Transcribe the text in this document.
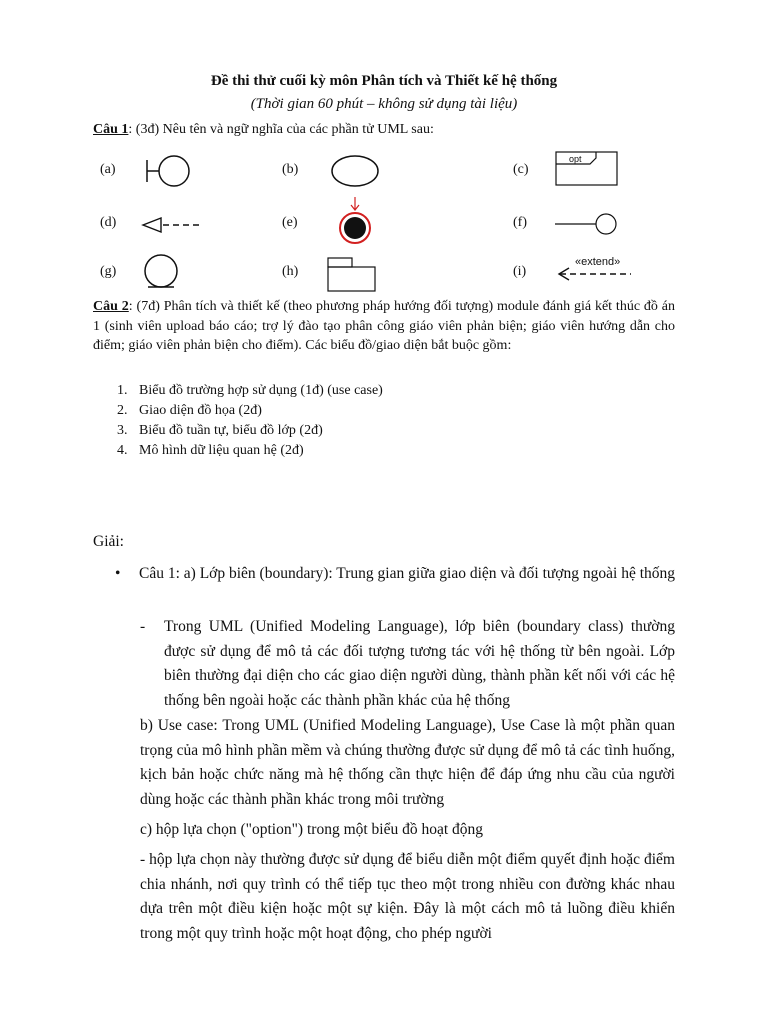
Đề thi thử cuối kỳ môn Phân tích và Thiết kế hệ thống
(Thời gian 60 phút – không sử dụng tài liệu)
Câu 1: (3đ) Nêu tên và ngữ nghĩa của các phần tử UML sau:
(a)	(b)	(c)
opt
(d)	(e)	(f)
(g)	(h)	(i)
«extend»
Câu 2: (7đ) Phân tích và thiết kế (theo phương pháp hướng đối tượng) module đánh giá kết thúc đồ án 1 (sinh viên upload báo cáo; trợ lý đào tạo phân công giáo viên phản biện; giáo viên hướng dẫn cho điểm; giáo viên phản biện cho điểm). Các biểu đồ/giao diện bắt buộc gồm:
1. Biểu đồ trường hợp sử dụng (1đ) (use case)
2. Giao diện đồ họa (2đ)
3. Biểu đồ tuần tự, biểu đồ lớp (2đ)
4. Mô hình dữ liệu quan hệ (2đ)
Giải:
• Câu 1: a) Lớp biên (boundary): Trung gian giữa giao diện và đối tượng ngoài hệ thống
- Trong UML (Unified Modeling Language), lớp biên (boundary class) thường được sử dụng để mô tả các đối tượng tương tác với hệ thống từ bên ngoài. Lớp biên thường đại diện cho các giao diện người dùng, thành phần kết nối với các hệ thống bên ngoài hoặc các thành phần khác của hệ thống
b) Use case: Trong UML (Unified Modeling Language), Use Case là một phần quan trọng của mô hình phần mềm và chúng thường được sử dụng để mô tả các tình huống, kịch bản hoặc chức năng mà hệ thống cần thực hiện để đáp ứng nhu cầu của người dùng hoặc các thành phần khác trong môi trường
c) hộp lựa chọn ("option") trong một biểu đồ hoạt động
- hộp lựa chọn này thường được sử dụng để biểu diễn một điểm quyết định hoặc điểm chia nhánh, nơi quy trình có thể tiếp tục theo một trong nhiều con đường khác nhau dựa trên một điều kiện hoặc một sự kiện. Đây là một cách mô tả luồng điều khiển trong một quy trình hoặc một hoạt động, cho phép người
